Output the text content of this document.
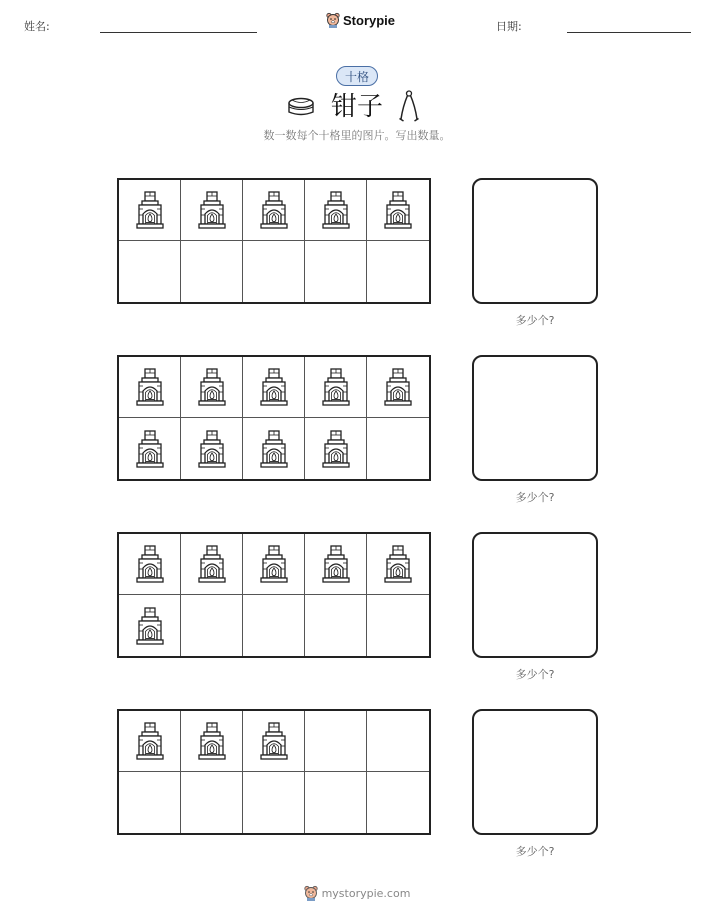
姓名:	Storypie	日期:
十格
钳子
数一数每个十格里的图片。写出数量。
多少个?
多少个?
多少个?
多少个?
mystorypie.com
